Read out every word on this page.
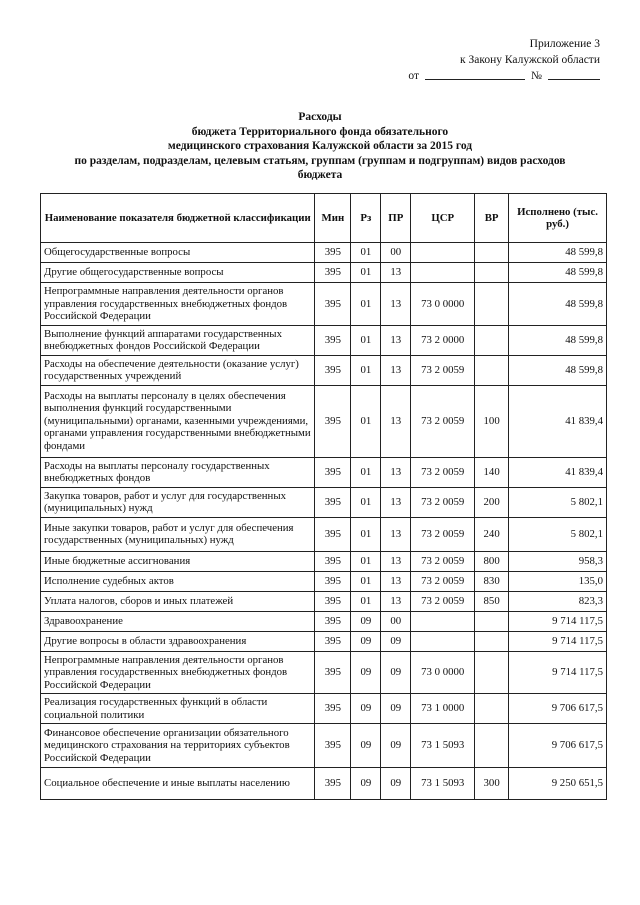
Приложение 3
к Закону Калужской области
от	№
Расходы
бюджета Территориального фонда обязательного
медицинского страхования Калужской области за 2015 год
по разделам, подразделам, целевым статьям, группам (группам и подгруппам) видов расходов
бюджета
Наименование показателя бюджетной классификации	Мин	Рз	ПР	ЦСР	ВР	Исполнено (тыс. руб.)
Общегосударственные вопросы	395	01	00			48 599,8
Другие общегосударственные вопросы	395	01	13			48 599,8
Непрограммные направления деятельности органов управления государственных внебюджетных фондов Российской Федерации	395	01	13	73 0 0000		48 599,8
Выполнение функций аппаратами государственных внебюджетных фондов Российской Федерации	395	01	13	73 2 0000		48 599,8
Расходы на обеспечение деятельности (оказание услуг) государственных учреждений	395	01	13	73 2 0059		48 599,8
Расходы на выплаты персоналу в целях обеспечения выполнения функций государственными (муниципальными) органами, казенными учреждениями, органами управления государственными внебюджетными фондами	395	01	13	73 2 0059	100	41 839,4
Расходы на выплаты персоналу государственных внебюджетных фондов	395	01	13	73 2 0059	140	41 839,4
Закупка товаров, работ и услуг для государственных (муниципальных) нужд	395	01	13	73 2 0059	200	5 802,1
Иные закупки товаров, работ и услуг для обеспечения государственных (муниципальных) нужд	395	01	13	73 2 0059	240	5 802,1
Иные бюджетные ассигнования	395	01	13	73 2 0059	800	958,3
Исполнение судебных актов	395	01	13	73 2 0059	830	135,0
Уплата налогов, сборов и иных платежей	395	01	13	73 2 0059	850	823,3
Здравоохранение	395	09	00			9 714 117,5
Другие вопросы в области здравоохранения	395	09	09			9 714 117,5
Непрограммные направления деятельности органов управления государственных внебюджетных фондов Российской Федерации	395	09	09	73 0 0000		9 714 117,5
Реализация государственных функций в области социальной политики	395	09	09	73 1 0000		9 706 617,5
Финансовое обеспечение организации обязательного медицинского страхования на территориях субъектов Российской Федерации	395	09	09	73 1 5093		9 706 617,5
Социальное обеспечение и иные выплаты населению	395	09	09	73 1 5093	300	9 250 651,5
